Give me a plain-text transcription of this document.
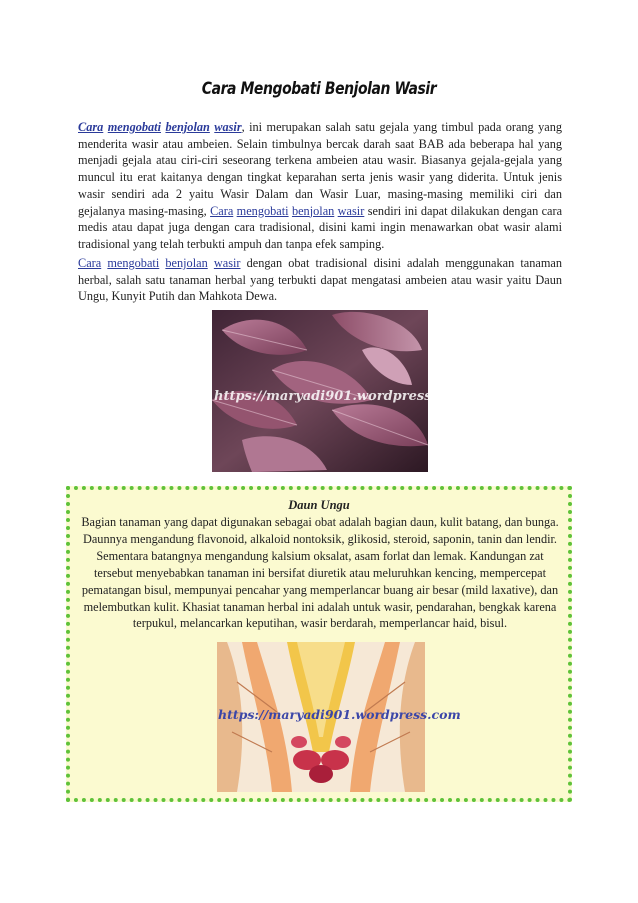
Cara Mengobati Benjolan Wasir

Cara mengobati benjolan wasir, ini merupakan salah satu gejala yang timbul pada orang yang menderita wasir atau ambeien. Selain timbulnya bercak darah saat BAB ada beberapa hal yang menjadi gejala atau ciri-ciri seseorang terkena ambeien atau wasir. Biasanya gejala-gejala yang muncul itu erat kaitanya dengan tingkat keparahan serta jenis wasir yang diderita. Untuk jenis wasir sendiri ada 2 yaitu Wasir Dalam dan Wasir Luar, masing-masing memiliki ciri dan gejalanya masing-masing, Cara mengobati benjolan wasir sendiri ini dapat dilakukan dengan cara medis atau dapat juga dengan cara tradisional, disini kami ingin menawarkan obat wasir alami tradisional yang telah terbukti ampuh dan tanpa efek samping.

Cara mengobati benjolan wasir dengan obat tradisional disini adalah menggunakan tanaman herbal, salah satu tanaman herbal yang terbukti dapat mengatasi ambeien atau wasir yaitu Daun Ungu, Kunyit Putih dan Mahkota Dewa.

https://maryadi901.wordpress.com
Daun Ungu

Bagian tanaman yang dapat digunakan sebagai obat adalah bagian daun, kulit batang, dan bunga. Daunnya mengandung flavonoid, alkaloid nontoksik, glikosid, steroid, saponin, tanin dan lendir. Sementara batangnya mengandung kalsium oksalat, asam forlat dan lemak. Kandungan zat tersebut menyebabkan tanaman ini bersifat diuretik atau meluruhkan kencing, mempercepat pematangan bisul, mempunyai pencahar yang memperlancar buang air besar (mild laxative), dan melembutkan kulit. Khasiat tanaman herbal ini adalah untuk wasir, pendarahan, bengkak karena terpukul, melancarkan keputihan, wasir berdarah, memperlancar haid, bisul.

https://maryadi901.wordpress.com
